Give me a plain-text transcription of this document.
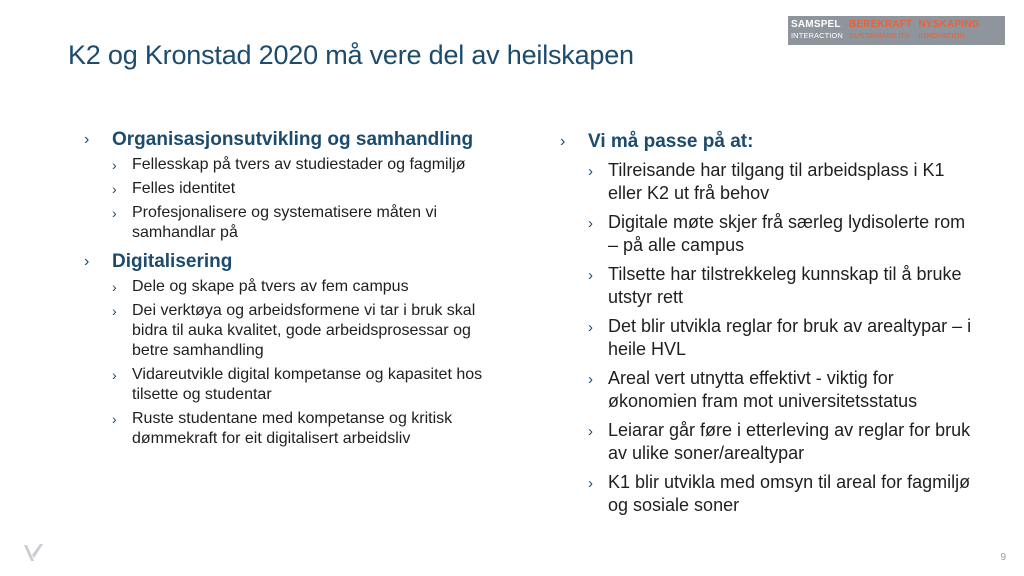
K2 og Kronstad 2020 må vere del av heilskapen
SAMSPEL
INTERACTION
BEREKRAFT
SUSTAINABILITY
NYSKAPING
INNOVATION
› Organisasjonsutvikling og samhandling
› Fellesskap på tvers av studiestader og fagmiljø
› Felles identitet
› Profesjonalisere og systematisere måten vi samhandlar på
› Digitalisering
› Dele og skape på tvers av fem campus
› Dei verktøya og arbeidsformene vi tar i bruk skal bidra til auka kvalitet, gode arbeidsprosessar og betre samhandling
› Vidareutvikle digital kompetanse og kapasitet hos tilsette og studentar
› Ruste studentane med kompetanse og kritisk dømmekraft for eit digitalisert arbeidsliv
› Vi må passe på at:
› Tilreisande har tilgang til arbeidsplass i K1 eller K2 ut frå behov
› Digitale møte skjer frå særleg lydisolerte rom – på alle campus
› Tilsette har tilstrekkeleg kunnskap til å bruke utstyr rett
› Det blir utvikla reglar for bruk av arealtypar – i heile HVL
› Areal vert utnytta effektivt - viktig for økonomien fram mot universitetsstatus
› Leiarar går føre i etterleving av reglar for bruk av ulike soner/arealtypar
› K1 blir utvikla med omsyn til areal for fagmiljø og sosiale soner
9
